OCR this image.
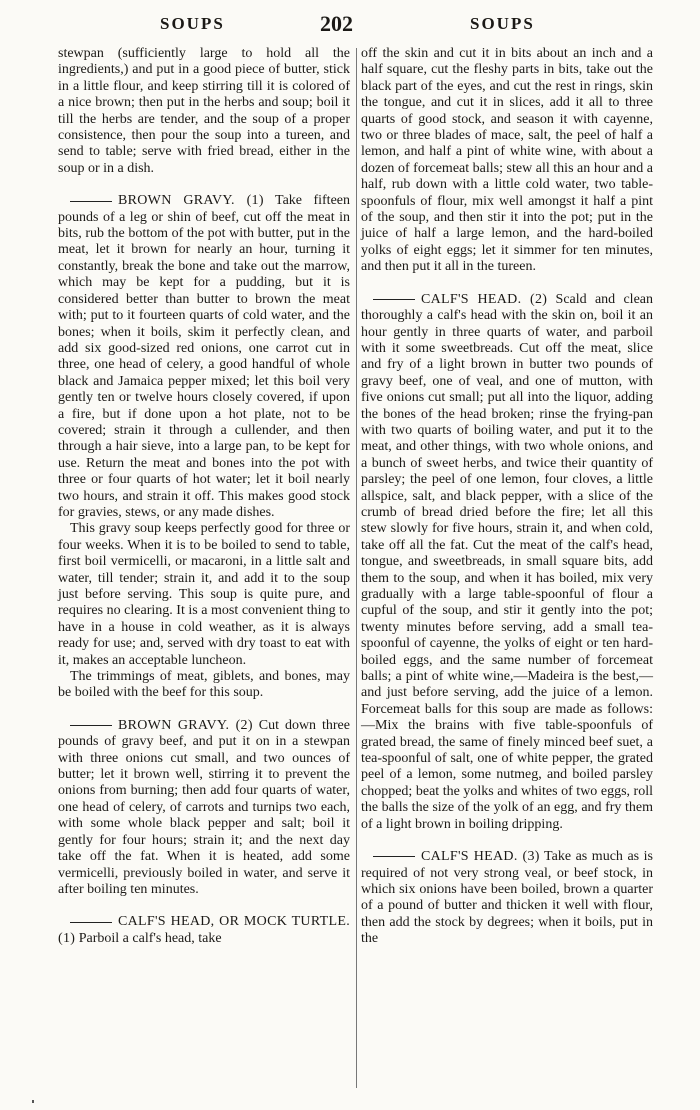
SOUPS	202	SOUPS

stewpan (sufficiently large to hold all the ingredients,) and put in a good piece of butter, stick in a little flour, and keep stirring till it is colored of a nice brown; then put in the herbs and soup; boil it till the herbs are tender, and the soup of a proper consistence, then pour the soup into a tureen, and send to table; serve with fried bread, either in the soup or in a dish.

BROWN GRAVY. (1) Take fifteen pounds of a leg or shin of beef, cut off the meat in bits, rub the bottom of the pot with butter, put in the meat, let it brown for nearly an hour, turning it constantly, break the bone and take out the marrow, which may be kept for a pudding, but it is considered better than butter to brown the meat with; put to it fourteen quarts of cold water, and the bones; when it boils, skim it perfectly clean, and add six good-sized red onions, one carrot cut in three, one head of celery, a good handful of whole black and Jamaica pepper mixed; let this boil very gently ten or twelve hours closely covered, if upon a fire, but if done upon a hot plate, not to be covered; strain it through a cullender, and then through a hair sieve, into a large pan, to be kept for use. Return the meat and bones into the pot with three or four quarts of hot water; let it boil nearly two hours, and strain it off. This makes good stock for gravies, stews, or any made dishes.

This gravy soup keeps perfectly good for three or four weeks. When it is to be boiled to send to table, first boil vermicelli, or macaroni, in a little salt and water, till tender; strain it, and add it to the soup just before serving. This soup is quite pure, and requires no clearing. It is a most convenient thing to have in a house in cold weather, as it is always ready for use; and, served with dry toast to eat with it, makes an acceptable luncheon.

The trimmings of meat, giblets, and bones, may be boiled with the beef for this soup.

BROWN GRAVY. (2) Cut down three pounds of gravy beef, and put it on in a stewpan with three onions cut small, and two ounces of butter; let it brown well, stirring it to prevent the onions from burning; then add four quarts of water, one head of celery, of carrots and turnips two each, with some whole black pepper and salt; boil it gently for four hours; strain it; and the next day take off the fat. When it is heated, add some vermicelli, previously boiled in water, and serve it after boiling ten minutes.

CALF'S HEAD, OR MOCK TURTLE. (1) Parboil a calf's head, take

off the skin and cut it in bits about an inch and a half square, cut the fleshy parts in bits, take out the black part of the eyes, and cut the rest in rings, skin the tongue, and cut it in slices, add it all to three quarts of good stock, and season it with cayenne, two or three blades of mace, salt, the peel of half a lemon, and half a pint of white wine, with about a dozen of forcemeat balls; stew all this an hour and a half, rub down with a little cold water, two table-spoonfuls of flour, mix well amongst it half a pint of the soup, and then stir it into the pot; put in the juice of half a large lemon, and the hard-boiled yolks of eight eggs; let it simmer for ten minutes, and then put it all in the tureen.

CALF'S HEAD. (2) Scald and clean thoroughly a calf's head with the skin on, boil it an hour gently in three quarts of water, and parboil with it some sweetbreads. Cut off the meat, slice and fry of a light brown in butter two pounds of gravy beef, one of veal, and one of mutton, with five onions cut small; put all into the liquor, adding the bones of the head broken; rinse the frying-pan with two quarts of boiling water, and put it to the meat, and other things, with two whole onions, and a bunch of sweet herbs, and twice their quantity of parsley; the peel of one lemon, four cloves, a little allspice, salt, and black pepper, with a slice of the crumb of bread dried before the fire; let all this stew slowly for five hours, strain it, and when cold, take off all the fat. Cut the meat of the calf's head, tongue, and sweetbreads, in small square bits, add them to the soup, and when it has boiled, mix very gradually with a large table-spoonful of flour a cupful of the soup, and stir it gently into the pot; twenty minutes before serving, add a small tea-spoonful of cayenne, the yolks of eight or ten hard-boiled eggs, and the same number of forcemeat balls; a pint of white wine,—Madeira is the best,—and just before serving, add the juice of a lemon. Forcemeat balls for this soup are made as follows:—Mix the brains with five table-spoonfuls of grated bread, the same of finely minced beef suet, a tea-spoonful of salt, one of white pepper, the grated peel of a lemon, some nutmeg, and boiled parsley chopped; beat the yolks and whites of two eggs, roll the balls the size of the yolk of an egg, and fry them of a light brown in boiling dripping.

CALF'S HEAD. (3) Take as much as is required of not very strong veal, or beef stock, in which six onions have been boiled, brown a quarter of a pound of butter and thicken it well with flour, then add the stock by degrees; when it boils, put in the
